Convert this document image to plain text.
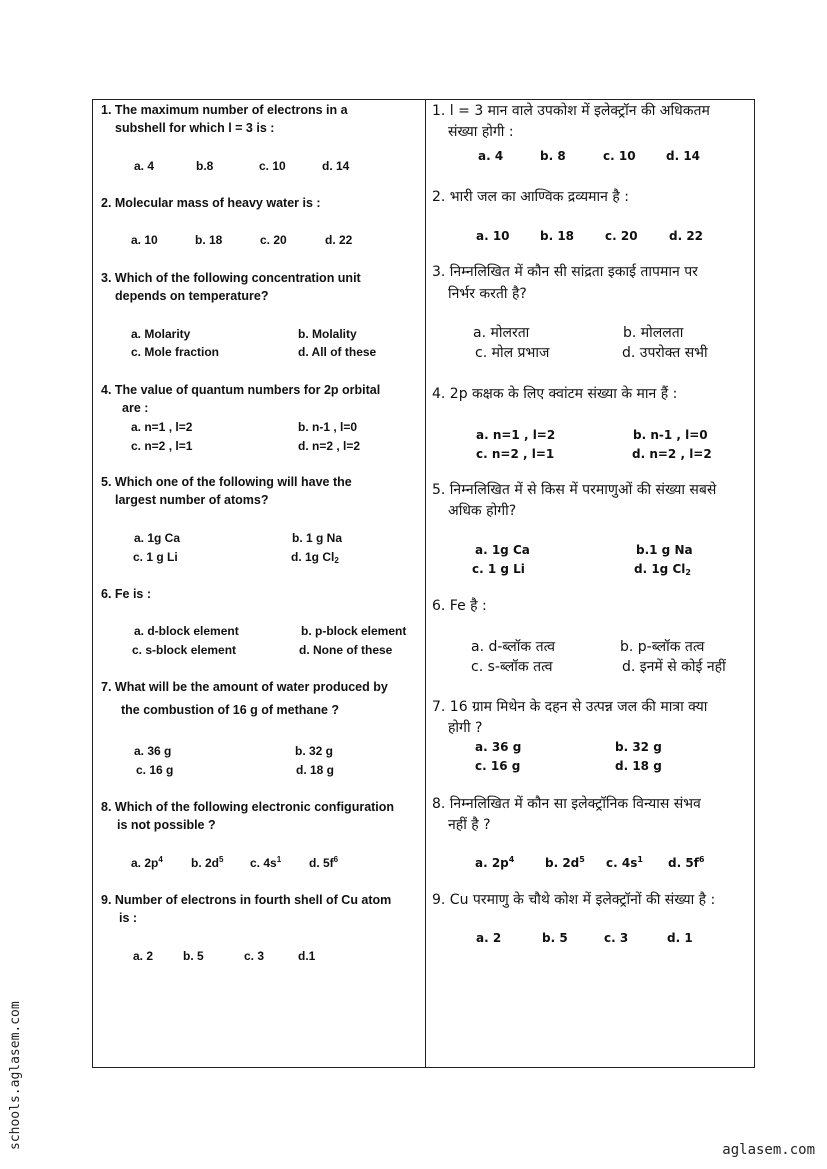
1. The maximum number of electrons in a
subshell for which l = 3 is :
a. 4	b.8	c. 10	d. 14
2. Molecular mass of heavy water is :
a. 10	b. 18	c. 20	d. 22
3. Which of the following concentration unit
depends on temperature?
a. Molarity	b. Molality
c. Mole fraction	d. All of these
4. The value of quantum numbers for 2p orbital
are :
a. n=1 , l=2	b. n-1 , l=0
c. n=2 , l=1	d. n=2 , l=2
5. Which one of the following will have the
largest number of atoms?
a. 1g Ca	b. 1 g Na
c. 1 g Li	d. 1g $Cl_2$
6. Fe is :
a. d-block element	b. p-block element
c. s-block element	d. None of these
7. What will be the amount of water produced by
the combustion of 16 g of methane ?
a. 36 g	b. 32 g
c. 16 g	d. 18 g
8. Which of the following electronic configuration
is not possible ?
a. $2p^4$ b. $2d^5$ c. $4s^1$ d. $5f^6$
9. Number of electrons in fourth shell of Cu atom
is :
a. 2 b. 5	c. 3	d.1
1. l = 3 मान वाले उपकोश में इलेक्ट्रॉन की अधिकतम
संख्या होगी :
a. 4	b. 8	c. 10	d. 14
2. भारी जल का आण्विक द्रव्यमान है :
a. 10	b. 18	c. 20	d. 22
3. निम्नलिखित में कौन सी सांद्रता इकाई तापमान पर
निर्भर करती है?
a. मोलरता	b. मोललता
c. मोल प्रभाज	d. उपरोक्त सभी
4. 2p कक्षक के लिए क्वांटम संख्या के मान हैं :
a. n=1 , l=2	b. n-1 , l=0
c. n=2 , l=1	d. n=2 , l=2
5. निम्नलिखित में से किस में परमाणुओं की संख्या सबसे
अधिक होगी?
a. 1g Ca	b.1 g Na
c. 1 g Li	d. 1g $Cl_2$
6. Fe है :
a. d-ब्लॉक तत्व	b. p-ब्लॉक तत्व
c. s-ब्लॉक तत्व	d. इनमें से कोई नहीं
7. 16 ग्राम मिथेन के दहन से उत्पन्न जल की मात्रा क्या
होगी ?
a. 36 g	b. 32 g
c. 16 g	d. 18 g
8. निम्नलिखित में कौन सा इलेक्ट्रॉनिक विन्यास संभव
नहीं है ?
a. $2p^4$	b. $2d^5$ c. $4s^1$ d. $5f^6$
9. Cu परमाणु के चौथे कोश में इलेक्ट्रॉनों की संख्या है :
a. 2	b. 5	c. 3	d. 1
schools.aglasem.com	aglasem.com
